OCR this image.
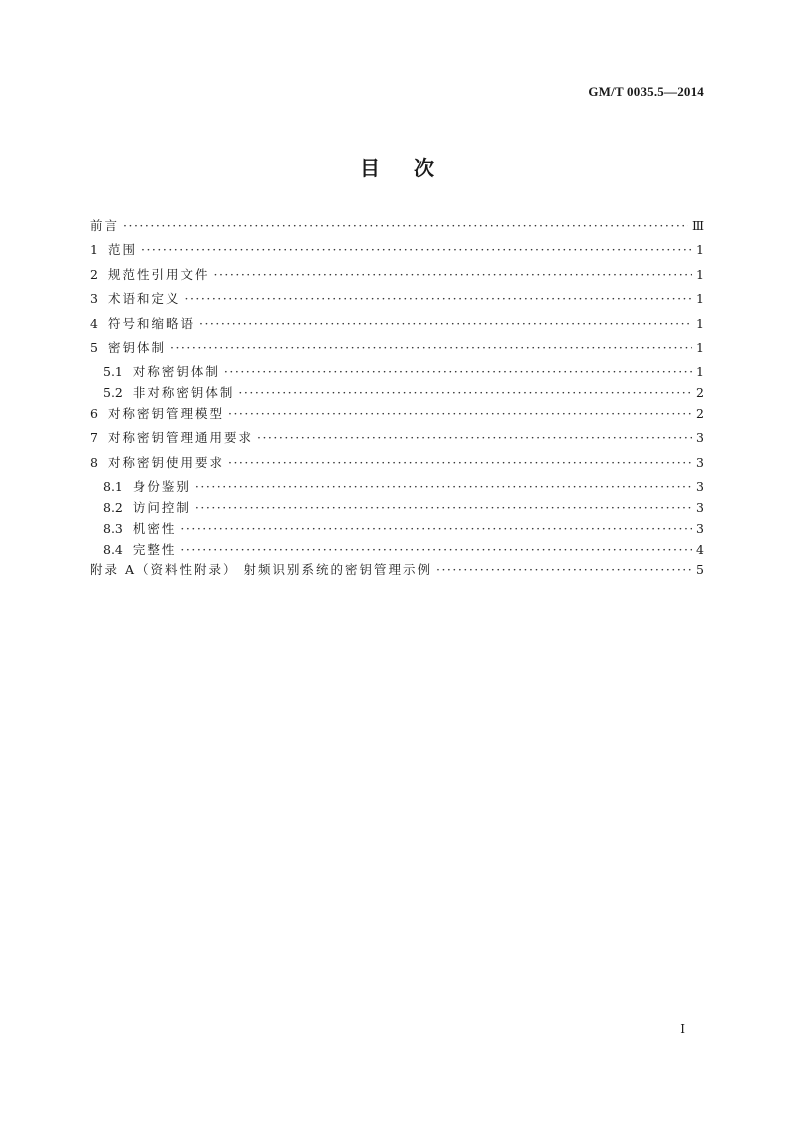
GM/T 0035.5—2014
目次
前言 ·····	Ⅲ
1 范围 ·····	1
2 规范性引用文件 ·····	1
3 术语和定义 ·····	1
4 符号和缩略语 ·····	1
5 密钥体制 ·····	1
5.1 对称密钥体制 ·····	1
5.2 非对称密钥体制 ·····	2
6 对称密钥管理模型 ·····	2
7 对称密钥管理通用要求 ·····	3
8 对称密钥使用要求 ·····	3
8.1 身份鉴别 ·····	3
8.2 访问控制 ·····	3
8.3 机密性 ·····	3
8.4 完整性 ·····	4
附录 A（资料性附录） 射频识别系统的密钥管理示例 ·····	5
I
